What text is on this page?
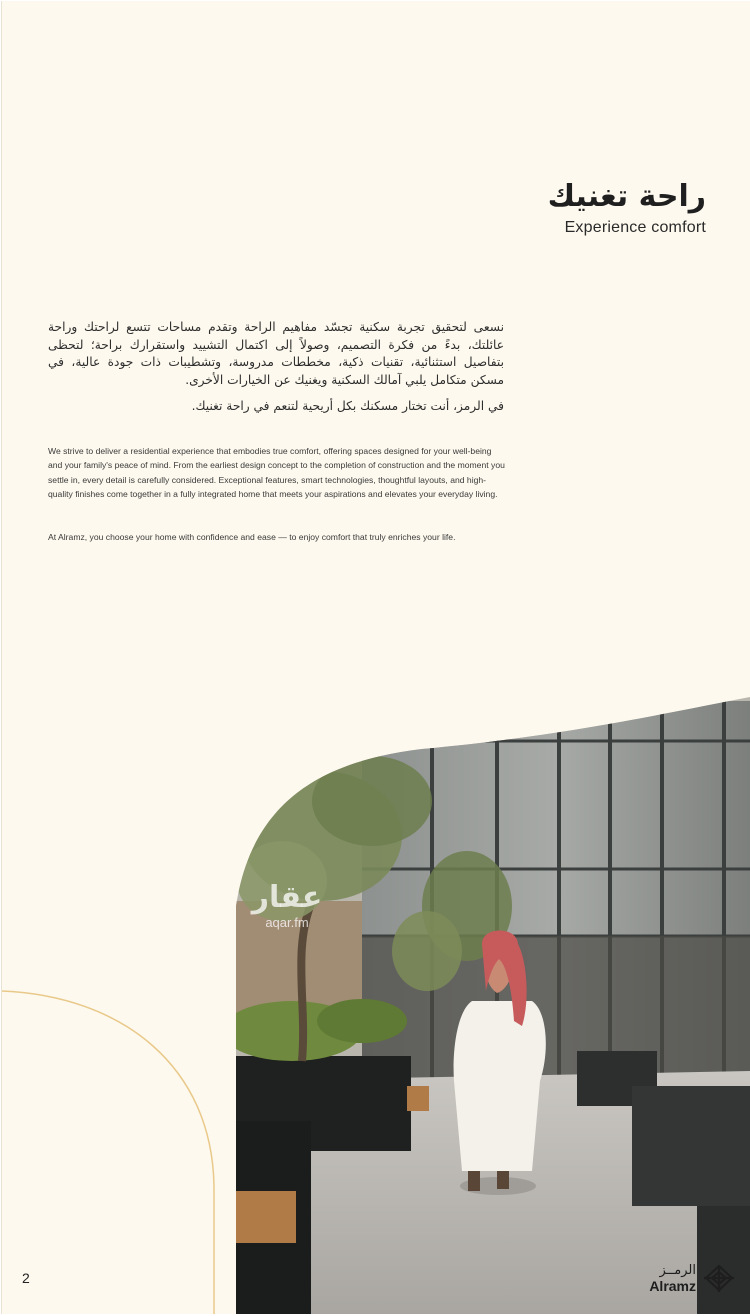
راحة تغنيك
Experience comfort
نسعى لتحقيق تجربة سكنية تجسّد مفاهيم الراحة وتقدم مساحات تتسع لراحتك وراحة عائلتك، بدءً من فكرة التصميم، وصولاً إلى اكتمال التشييد واستقرارك براحة؛ لتحظى بتفاصيل استثنائية، تقنيات ذكية، مخططات مدروسة، وتشطيبات ذات جودة عالية، في مسكن متكامل يلبي آمالك السكنية ويغنيك عن الخيارات الأخرى.
في الرمز، أنت تختار مسكنك بكل أريحية لتنعم في راحة تغنيك.
We strive to deliver a residential experience that embodies true comfort, offering spaces designed for your well-being and your family's peace of mind. From the earliest design concept to the completion of construction and the moment you settle in, every detail is carefully considered. Exceptional features, smart technologies, thoughtful layouts, and high-quality finishes come together in a fully integrated home that meets your aspirations and elevates your everyday living.
At Alramz, you choose your home with confidence and ease — to enjoy comfort that truly enriches your life.
عقار
aqar.fm
2	الرمــز
Alramz
